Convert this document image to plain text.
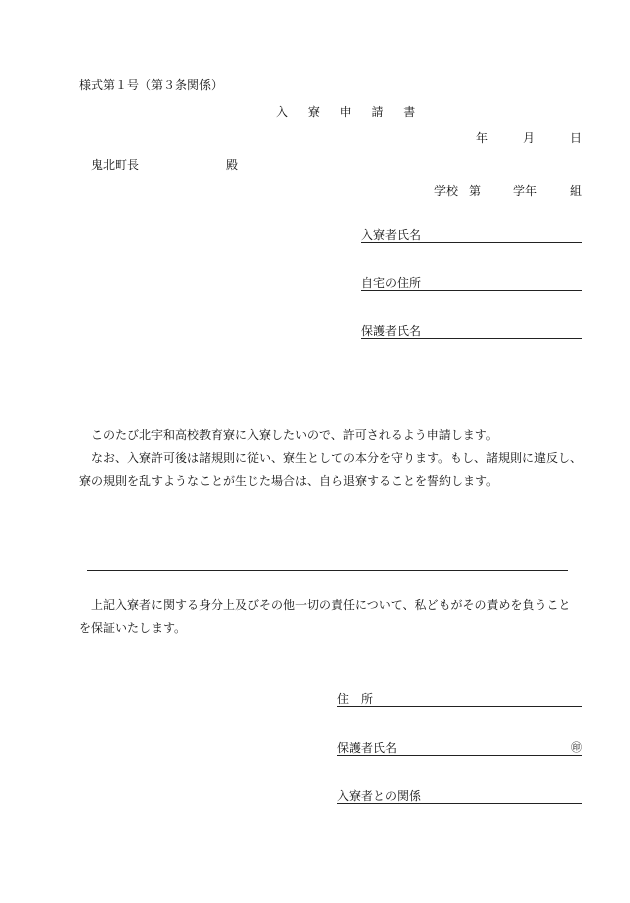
様式第１号（第３条関係）
入 寮 申 請 書
年	月	日
鬼北町長	殿
学校 第	学年	組
入寮者氏名
自宅の住所
保護者氏名

このたび北宇和高校教育寮に入寮したいので、許可されるよう申請します。

なお、入寮許可後は諸規則に従い、寮生としての本分を守ります。もし、諸規則に違反し、

寮の規則を乱すようなことが生じた場合は、自ら退寮することを誓約します。

上記入寮者に関する身分上及びその他一切の責任について、私どもがその責めを負うこと

を保証いたします。

住　所
保護者氏名	㊞
入寮者との関係
